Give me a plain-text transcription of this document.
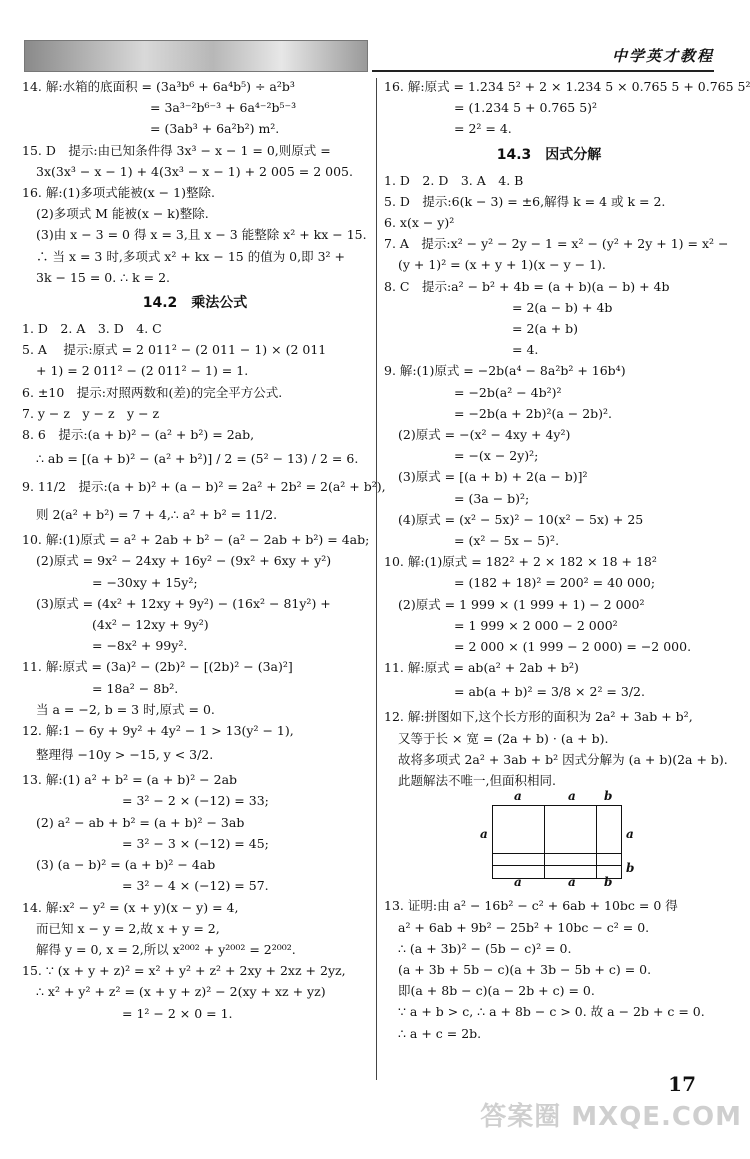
中学英才教程
14. 解:水箱的底面积 = (3a³b⁶ + 6a⁴b⁵) ÷ a²b³
= 3a³⁻²b⁶⁻³ + 6a⁴⁻²b⁵⁻³
= (3ab³ + 6a²b²) m².
15. D　提示:由已知条件得 3x³ − x − 1 = 0,则原式 =
3x(3x³ − x − 1) + 4(3x³ − x − 1) + 2 005 = 2 005.
16. 解:(1)多项式能被(x − 1)整除.
(2)多项式 M 能被(x − k)整除.
(3)由 x − 3 = 0 得 x = 3,且 x − 3 能整除 x² + kx − 15.
∴ 当 x = 3 时,多项式 x² + kx − 15 的值为 0,即 3² +
3k − 15 = 0. ∴ k = 2.
14.2　乘法公式
1. D　2. A　3. D　4. C
5. A　 提示:原式 = 2 011² − (2 011 − 1) × (2 011
+ 1) = 2 011² − (2 011² − 1) = 1.
6. ±10　提示:对照两数和(差)的完全平方公式.
7. y − z　y − z　y − z
8. 6　提示:(a + b)² − (a² + b²) = 2ab,
∴ ab = [(a + b)² − (a² + b²)] / 2 = (5² − 13) / 2 = 6.
9. 11/2　提示:(a + b)² + (a − b)² = 2a² + 2b² = 2(a² + b²),
则 2(a² + b²) = 7 + 4,∴ a² + b² = 11/2.
10. 解:(1)原式 = a² + 2ab + b² − (a² − 2ab + b²) = 4ab;
(2)原式 = 9x² − 24xy + 16y² − (9x² + 6xy + y²)
= −30xy + 15y²;
(3)原式 = (4x² + 12xy + 9y²) − (16x² − 81y²) +
(4x² − 12xy + 9y²)
= −8x² + 99y².
11. 解:原式 = (3a)² − (2b)² − [(2b)² − (3a)²]
= 18a² − 8b².
当 a = −2, b = 3 时,原式 = 0.
12. 解:1 − 6y + 9y² + 4y² − 1 > 13(y² − 1),
整理得 −10y > −15, y < 3/2.
13. 解:(1) a² + b² = (a + b)² − 2ab
= 3² − 2 × (−12) = 33;
(2) a² − ab + b² = (a + b)² − 3ab
= 3² − 3 × (−12) = 45;
(3) (a − b)² = (a + b)² − 4ab
= 3² − 4 × (−12) = 57.
14. 解:x² − y² = (x + y)(x − y) = 4,
而已知 x − y = 2,故 x + y = 2,
解得 y = 0, x = 2,所以 x²⁰⁰² + y²⁰⁰² = 2²⁰⁰².
15. ∵ (x + y + z)² = x² + y² + z² + 2xy + 2xz + 2yz,
∴ x² + y² + z² = (x + y + z)² − 2(xy + xz + yz)
= 1² − 2 × 0 = 1.
16. 解:原式 = 1.234 5² + 2 × 1.234 5 × 0.765 5 + 0.765 5²
= (1.234 5 + 0.765 5)²
= 2² = 4.
14.3　因式分解
1. D　2. D　3. A　4. B
5. D　提示:6(k − 3) = ±6,解得 k = 4 或 k = 2.
6. x(x − y)²
7. A　提示:x² − y² − 2y − 1 = x² − (y² + 2y + 1) = x² −
(y + 1)² = (x + y + 1)(x − y − 1).
8. C　提示:a² − b² + 4b = (a + b)(a − b) + 4b
= 2(a − b) + 4b
= 2(a + b)
= 4.
9. 解:(1)原式 = −2b(a⁴ − 8a²b² + 16b⁴)
= −2b(a² − 4b²)²
= −2b(a + 2b)²(a − 2b)².
(2)原式 = −(x² − 4xy + 4y²)
= −(x − 2y)²;
(3)原式 = [(a + b) + 2(a − b)]²
= (3a − b)²;
(4)原式 = (x² − 5x)² − 10(x² − 5x) + 25
= (x² − 5x − 5)².
10. 解:(1)原式 = 182² + 2 × 182 × 18 + 18²
= (182 + 18)² = 200² = 40 000;
(2)原式 = 1 999 × (1 999 + 1) − 2 000²
= 1 999 × 2 000 − 2 000²
= 2 000 × (1 999 − 2 000) = −2 000.
11. 解:原式 = ab(a² + 2ab + b²)
= ab(a + b)² = 3/8 × 2² = 3/2.
12. 解:拼图如下,这个长方形的面积为 2a² + 3ab + b²,
又等于长 × 宽 = (2a + b) · (a + b).
故将多项式 2a² + 3ab + b² 因式分解为 (a + b)(2a + b).
此题解法不唯一,但面积相同.
a	a b
a	a
b
a	a b
13. 证明:由 a² − 16b² − c² + 6ab + 10bc = 0 得
a² + 6ab + 9b² − 25b² + 10bc − c² = 0.
∴ (a + 3b)² − (5b − c)² = 0.
(a + 3b + 5b − c)(a + 3b − 5b + c) = 0.
即(a + 8b − c)(a − 2b + c) = 0.
∵ a + b > c, ∴ a + 8b − c > 0. 故 a − 2b + c = 0.
∴ a + c = 2b.
17
答案圈 MXQE.COM
